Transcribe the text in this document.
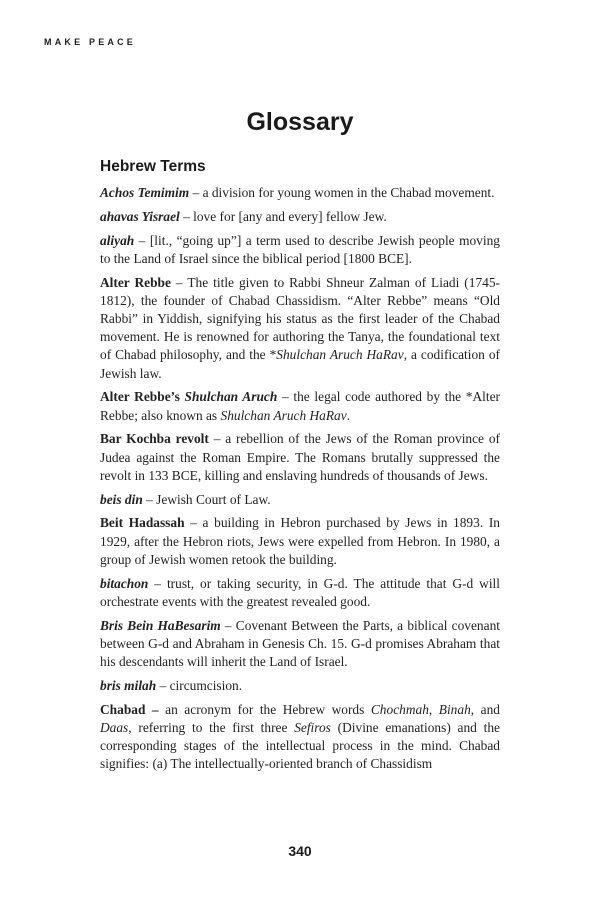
MAKE PEACE
Glossary
Hebrew Terms

Achos Temimim – a division for young women in the Chabad movement.

ahavas Yisrael – love for [any and every] fellow Jew.

aliyah – [lit., “going up”] a term used to describe Jewish people moving to the Land of Israel since the biblical period [1800 BCE].

Alter Rebbe – The title given to Rabbi Shneur Zalman of Liadi (1745-1812), the founder of Chabad Chassidism. “Alter Rebbe” means “Old Rabbi” in Yiddish, signifying his status as the first leader of the Chabad movement. He is renowned for authoring the Tanya, the foundational text of Chabad philosophy, and the *Shulchan Aruch HaRav, a codification of Jewish law.

Alter Rebbe’s Shulchan Aruch – the legal code authored by the *Alter Rebbe; also known as Shulchan Aruch HaRav.

Bar Kochba revolt – a rebellion of the Jews of the Roman province of Judea against the Roman Empire. The Romans brutally suppressed the revolt in 133 BCE, killing and enslaving hundreds of thousands of Jews.

beis din – Jewish Court of Law.

Beit Hadassah – a building in Hebron purchased by Jews in 1893. In 1929, after the Hebron riots, Jews were expelled from Hebron. In 1980, a group of Jewish women retook the building.

bitachon – trust, or taking security, in G-d. The attitude that G-d will orchestrate events with the greatest revealed good.

Bris Bein HaBesarim – Covenant Between the Parts, a biblical covenant between G-d and Abraham in Genesis Ch. 15. G-d promises Abraham that his descendants will inherit the Land of Israel.

bris milah – circumcision.

Chabad – an acronym for the Hebrew words Chochmah, Binah, and Daas, referring to the first three Sefiros (Divine emanations) and the corresponding stages of the intellectual process in the mind. Chabad signifies: (a) The intellectually-oriented branch of Chassidism

340
